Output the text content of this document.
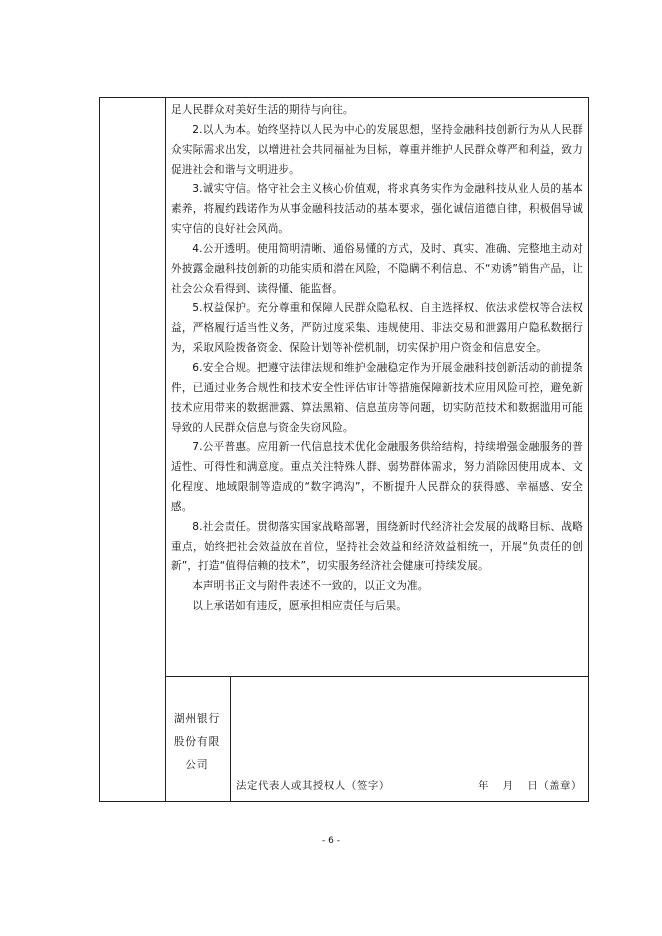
足人民群众对美好生活的期待与向往。

2.以人为本。始终坚持以人民为中心的发展思想，坚持金融科技创新行为从人民群众实际需求出发，以增进社会共同福祉为目标，尊重并维护人民群众尊严和利益，致力促进社会和谐与文明进步。

3.诚实守信。恪守社会主义核心价值观，将求真务实作为金融科技从业人员的基本素养，将履约践诺作为从事金融科技活动的基本要求，强化诚信道德自律，积极倡导诚实守信的良好社会风尚。

4.公开透明。使用简明清晰、通俗易懂的方式，及时、真实、准确、完整地主动对外披露金融科技创新的功能实质和潜在风险，不隐瞒不利信息、不“劝诱”销售产品，让社会公众看得到、读得懂、能监督。

5.权益保护。充分尊重和保障人民群众隐私权、自主选择权、依法求偿权等合法权益，严格履行适当性义务，严防过度采集、违规使用、非法交易和泄露用户隐私数据行为，采取风险拨备资金、保险计划等补偿机制，切实保护用户资金和信息安全。

6.安全合规。把遵守法律法规和维护金融稳定作为开展金融科技创新活动的前提条件，已通过业务合规性和技术安全性评估审计等措施保障新技术应用风险可控，避免新技术应用带来的数据泄露、算法黑箱、信息茧房等问题，切实防范技术和数据滥用可能导致的人民群众信息与资金失窃风险。

7.公平普惠。应用新一代信息技术优化金融服务供给结构，持续增强金融服务的普适性、可得性和满意度。重点关注特殊人群、弱势群体需求，努力消除因使用成本、文化程度、地域限制等造成的“数字鸿沟”，不断提升人民群众的获得感、幸福感、安全感。

8.社会责任。贯彻落实国家战略部署，围绕新时代经济社会发展的战略目标、战略重点，始终把社会效益放在首位，坚持社会效益和经济效益相统一，开展“负责任的创新”，打造“值得信赖的技术”，切实服务经济社会健康可持续发展。

本声明书正文与附件表述不一致的，以正文为准。

以上承诺如有违反，愿承担相应责任与后果。

湖州银行
股份有限
公司
法定代表人或其授权人（签字）	年 月 日（盖章）
- 6 -
